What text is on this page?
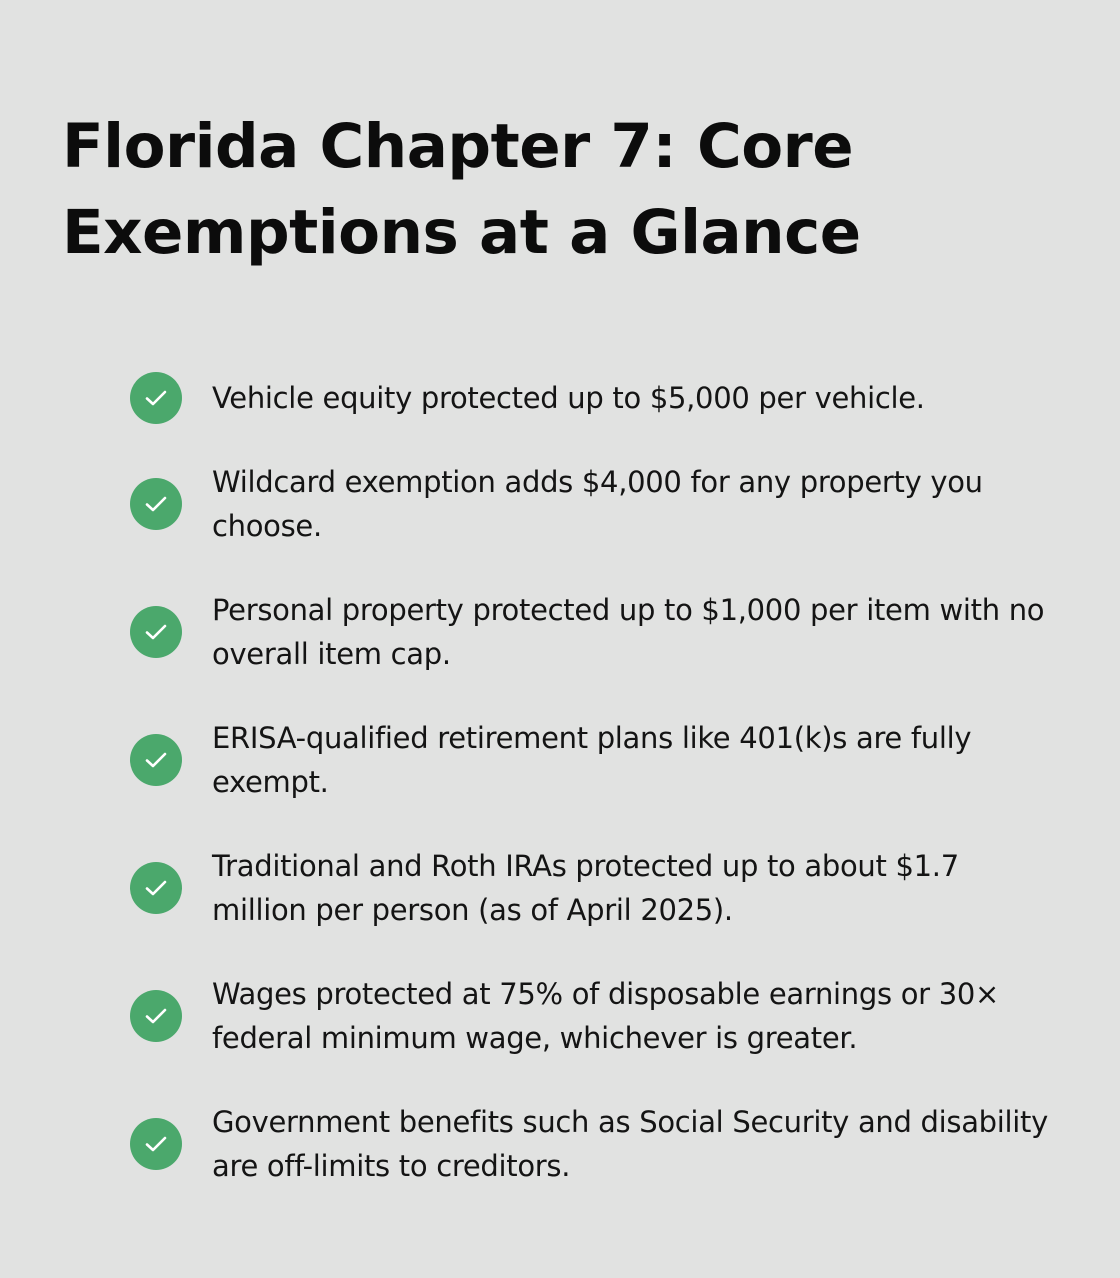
Florida Chapter 7: Core Exemptions at a Glance
Vehicle equity protected up to $5,000 per vehicle.
Wildcard exemption adds $4,000 for any property you choose.
Personal property protected up to $1,000 per item with no overall item cap.
ERISA-qualified retirement plans like 401(k)s are fully exempt.
Traditional and Roth IRAs protected up to about $1.7 million per person (as of April 2025).
Wages protected at 75% of disposable earnings or 30× federal minimum wage, whichever is greater.
Government benefits such as Social Security and disability are off-limits to creditors.
